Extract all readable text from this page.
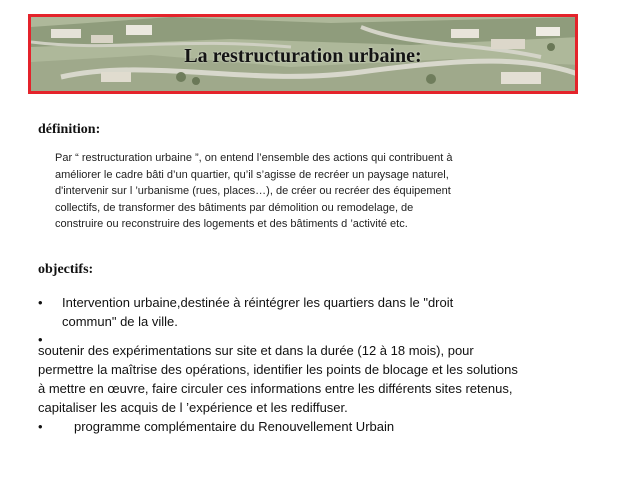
La restructuration urbaine:
définition:

Par “ restructuration urbaine ”, on entend l’ensemble des actions qui contribuent à

améliorer le cadre bâti d’un quartier, qu’il s’agisse de recréer un paysage naturel,

d'intervenir sur l ’urbanisme (rues, places…), de créer ou recréer des équipement

collectifs, de transformer des bâtiments par démolition ou remodelage, de

construire ou reconstruire des logements et des bâtiments d ’activité etc.

objectifs:
• Intervention urbaine,destinée à réintégrer les quartiers dans le "droit
commun" de la ville.
•
soutenir des expérimentations sur site et dans la durée (12 à 18 mois), pour
permettre la maîtrise des opérations, identifier les points de blocage et les solutions
à mettre en œuvre, faire circuler ces informations entre les différents sites retenus,
capitaliser les acquis de l ’expérience et les rediffuser.
• programme complémentaire du Renouvellement Urbain
